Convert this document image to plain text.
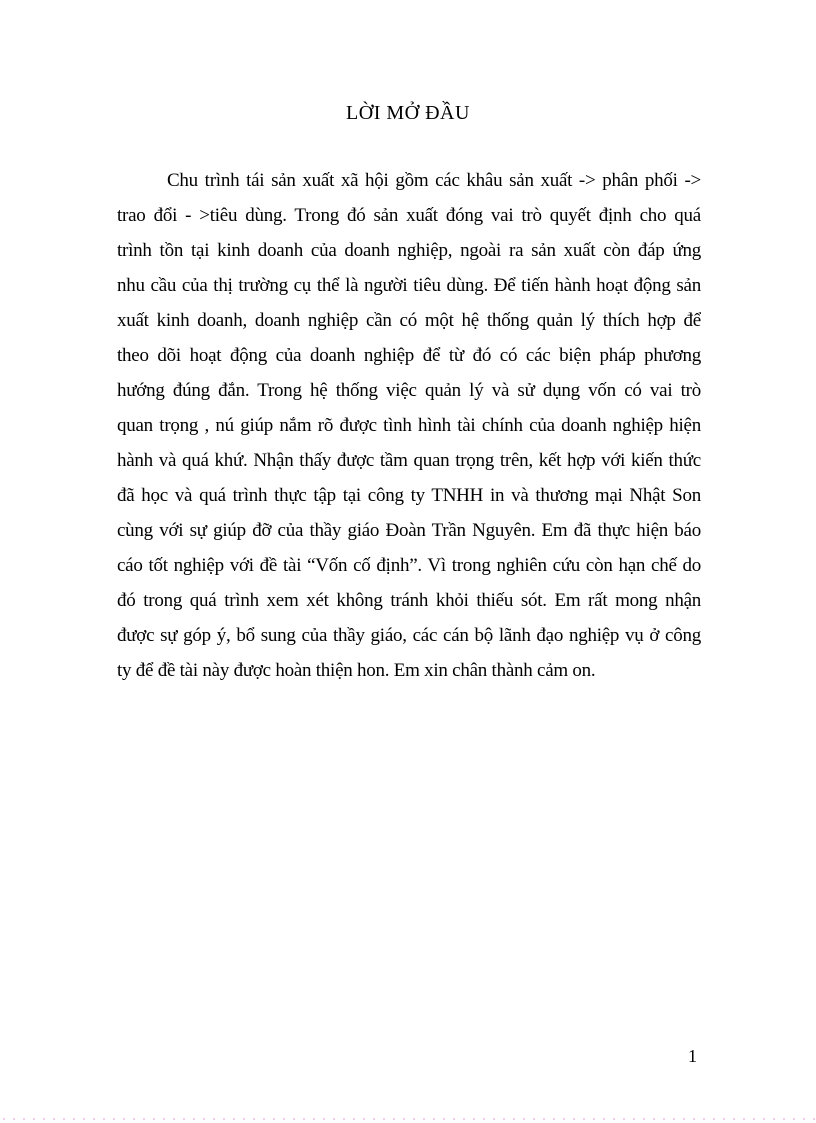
LỜI MỞ ĐẦU
Chu trình tái sản xuất xã hội gồm các khâu sản xuất -> phân phối ->
trao đổi - >tiêu dùng. Trong đó sản xuất đóng vai trò quyết định cho quá
trình tồn tại kinh doanh của doanh nghiệp, ngoài ra sản xuất còn đáp ứng
nhu cầu của thị trường cụ thể là người tiêu dùng. Để tiến hành hoạt động sản
xuất kinh doanh, doanh nghiệp cần có một hệ thống quản lý thích hợp để
theo dõi hoạt động của doanh nghiệp để từ đó có các biện pháp phương
hướng đúng đắn. Trong hệ thống việc quản lý và sử dụng vốn có vai trò
quan trọng , nú giúp nắm rõ được tình hình tài chính của doanh nghiệp hiện
hành và quá khứ. Nhận thấy được tầm quan trọng trên, kết hợp với kiến thức
đã học và quá trình thực tập tại công ty TNHH in và thương mại Nhật Son
cùng với sự giúp đỡ của thầy giáo Đoàn Trần Nguyên. Em đã thực hiện báo
cáo tốt nghiệp với đề tài “Vốn cố định”. Vì trong nghiên cứu còn hạn chế do
đó trong quá trình xem xét không tránh khỏi thiếu sót. Em rất mong nhận
được sự góp ý, bổ sung của thầy giáo, các cán bộ lãnh đạo nghiệp vụ ở công
ty để đề tài này được hoàn thiện hon. Em xin chân thành cảm on.
1
